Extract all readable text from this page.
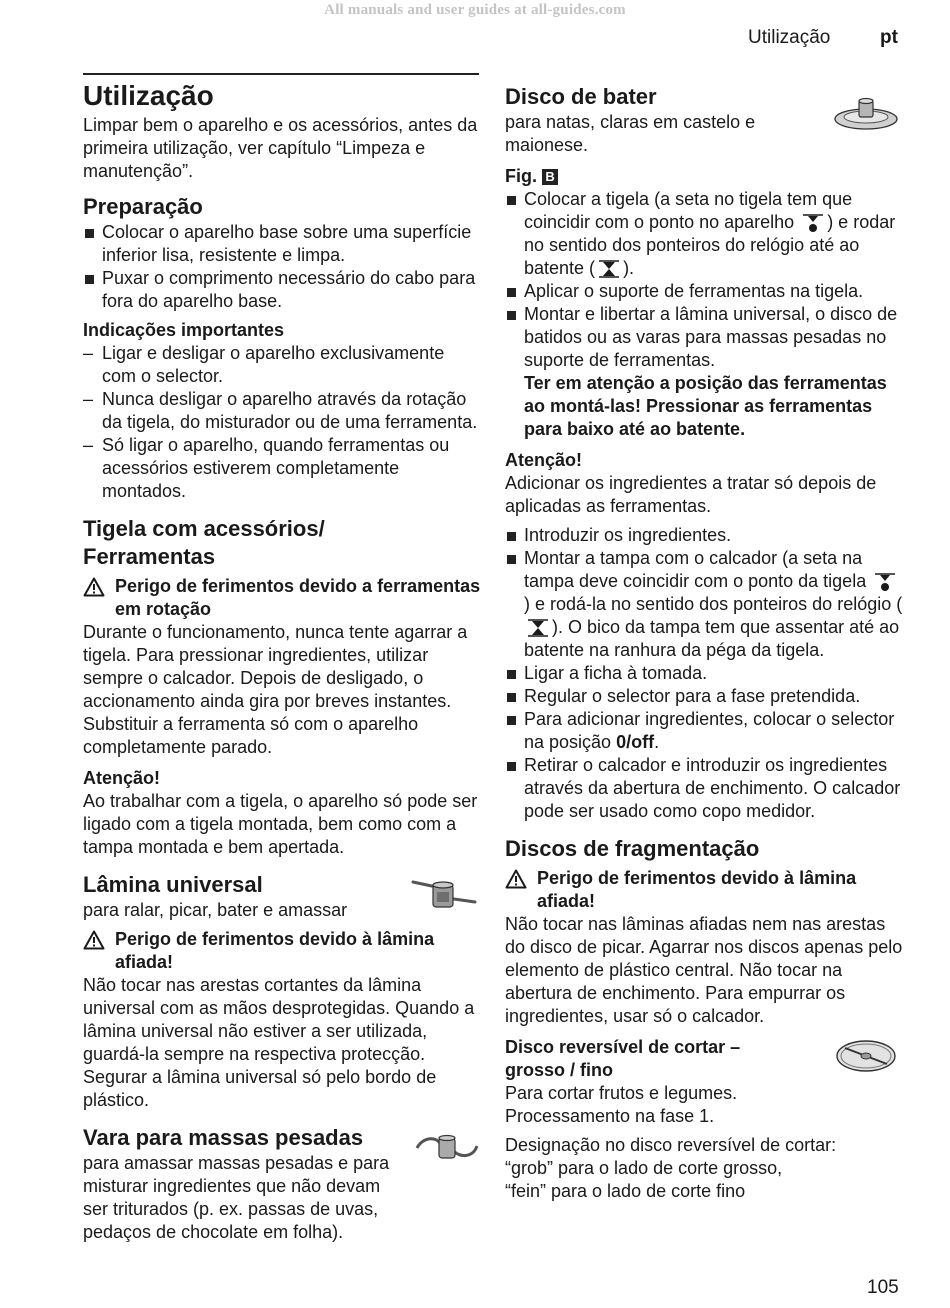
All manuals and user guides at all-guides.com
Utilização	pt

Utilização

Limpar bem o aparelho e os acessórios, antes da primeira utilização, ver capítulo “Limpeza e manutenção”.

Preparação

Colocar o aparelho base sobre uma superfície inferior lisa, resistente e limpa.
Puxar o comprimento necessário do cabo para fora do aparelho base.

Indicações importantes

– Ligar e desligar o aparelho exclusivamente com o selector.
– Nunca desligar o aparelho através da rotação da tigela, do misturador ou de uma ferramenta.
– Só ligar o aparelho, quando ferramentas ou acessórios estiverem completamente montados.

Tigela com acessórios/

Ferramentas

Perigo de ferimentos devido a ferramentas em rotação

Durante o funcionamento, nunca tente agarrar a tigela. Para pressionar ingredientes, utilizar sempre o calcador. Depois de desligado, o accionamento ainda gira por breves instantes. Substituir a ferramenta só com o aparelho completamente parado.

Atenção!

Ao trabalhar com a tigela, o aparelho só pode ser ligado com a tigela montada, bem como com a tampa montada e bem apertada.

Lâmina universal

para ralar, picar, bater e amassar

Perigo de ferimentos devido à lâmina afiada!

Não tocar nas arestas cortantes da lâmina universal com as mãos desprotegidas. Quando a lâmina universal não estiver a ser utilizada, guardá-la sempre na respectiva protecção. Segurar a lâmina universal só pelo bordo de plástico.

Vara para massas pesadas

para amassar massas pesadas e para misturar ingredientes que não devam ser triturados (p. ex. passas de uvas, pedaços de chocolate em folha).

Disco de bater

para natas, claras em castelo e maionese.

Fig. B

Colocar a tigela (a seta no tigela tem que coincidir com o ponto no aparelho ) e rodar no sentido dos ponteiros do relógio até ao batente ( ).
Aplicar o suporte de ferramentas na tigela.
Montar e libertar a lâmina universal, o disco de batidos ou as varas para massas pesadas no suporte de ferramentas.
Ter em atenção a posição das ferramentas ao montá-las! Pressionar as ferramentas para baixo até ao batente.

Atenção!

Adicionar os ingredientes a tratar só depois de aplicadas as ferramentas.

Introduzir os ingredientes.
Montar a tampa com o calcador (a seta na tampa deve coincidir com o ponto da tigela ) e rodá-la no sentido dos ponteiros do relógio (). O bico da tampa tem que assentar até ao batente na ranhura da péga da tigela.
Ligar a ficha à tomada.
Regular o selector para a fase pretendida.
Para adicionar ingredientes, colocar o selector na posição 0/off.
Retirar o calcador e introduzir os ingredientes através da abertura de enchimento. O calcador pode ser usado como copo medidor.

Discos de fragmentação

Perigo de ferimentos devido à lâmina afiada!

Não tocar nas lâminas afiadas nem nas arestas do disco de picar. Agarrar nos discos apenas pelo elemento de plástico central. Não tocar na abertura de enchimento. Para empurrar os ingredientes, usar só o calcador.

Disco reversível de cortar –

grosso / fino

Para cortar frutos e legumes.

Processamento na fase 1.

Designação no disco reversível de cortar:

“grob” para o lado de corte grosso,

“fein” para o lado de corte fino

105
